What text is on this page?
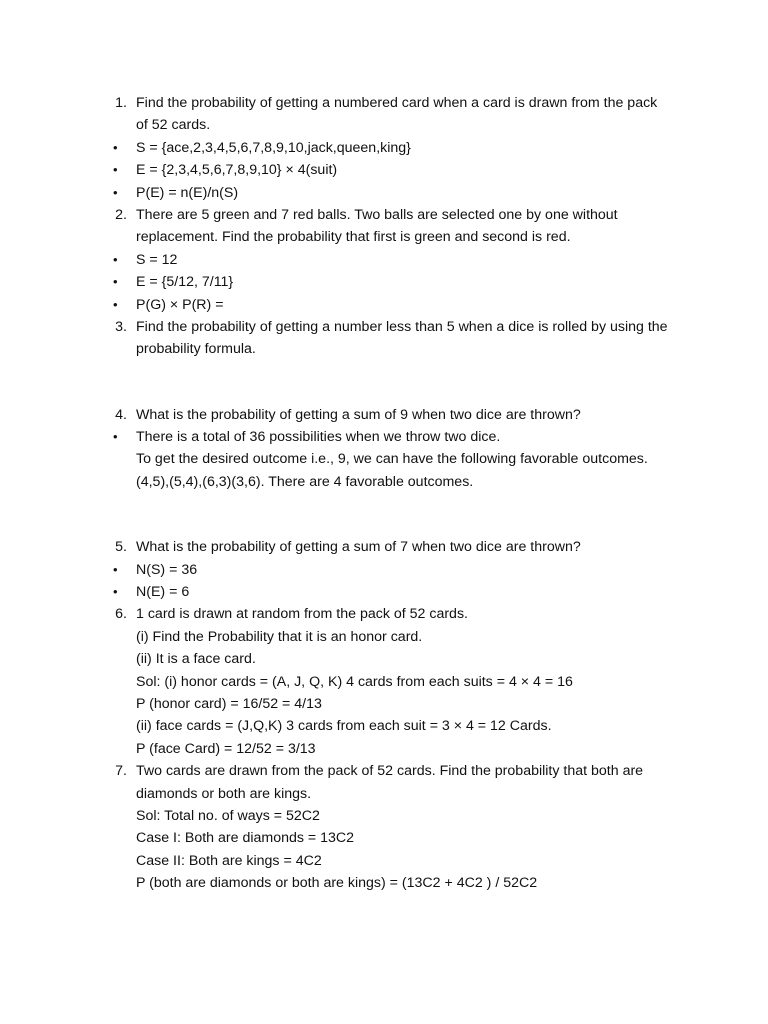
1. Find the probability of getting a numbered card when a card is drawn from the pack
of 52 cards.
•	S = {ace,2,3,4,5,6,7,8,9,10,jack,queen,king}
•	E = {2,3,4,5,6,7,8,9,10} × 4(suit)
•	P(E) = n(E)/n(S)
2. There are 5 green and 7 red balls. Two balls are selected one by one without
replacement. Find the probability that first is green and second is red.
•	S = 12
•	E = {5/12, 7/11}
•	P(G) × P(R) =
3. Find the probability of getting a number less than 5 when a dice is rolled by using the
probability formula.
4. What is the probability of getting a sum of 9 when two dice are thrown?
•	There is a total of 36 possibilities when we throw two dice.
To get the desired outcome i.e., 9, we can have the following favorable outcomes.
(4,5),(5,4),(6,3)(3,6). There are 4 favorable outcomes.
5. What is the probability of getting a sum of 7 when two dice are thrown?
•	N(S) = 36
•	N(E) = 6
6. 1 card is drawn at random from the pack of 52 cards.
(i) Find the Probability that it is an honor card.
(ii) It is a face card.
Sol: (i) honor cards = (A, J, Q, K) 4 cards from each suits = 4 × 4 = 16
P (honor card) = 16/52 = 4/13
(ii) face cards = (J,Q,K) 3 cards from each suit = 3 × 4 = 12 Cards.
P (face Card) = 12/52 = 3/13
7. Two cards are drawn from the pack of 52 cards. Find the probability that both are
diamonds or both are kings.
Sol: Total no. of ways = 52C2
Case I: Both are diamonds = 13C2
Case II: Both are kings = 4C2
P (both are diamonds or both are kings) = (13C2 + 4C2 ) / 52C2
